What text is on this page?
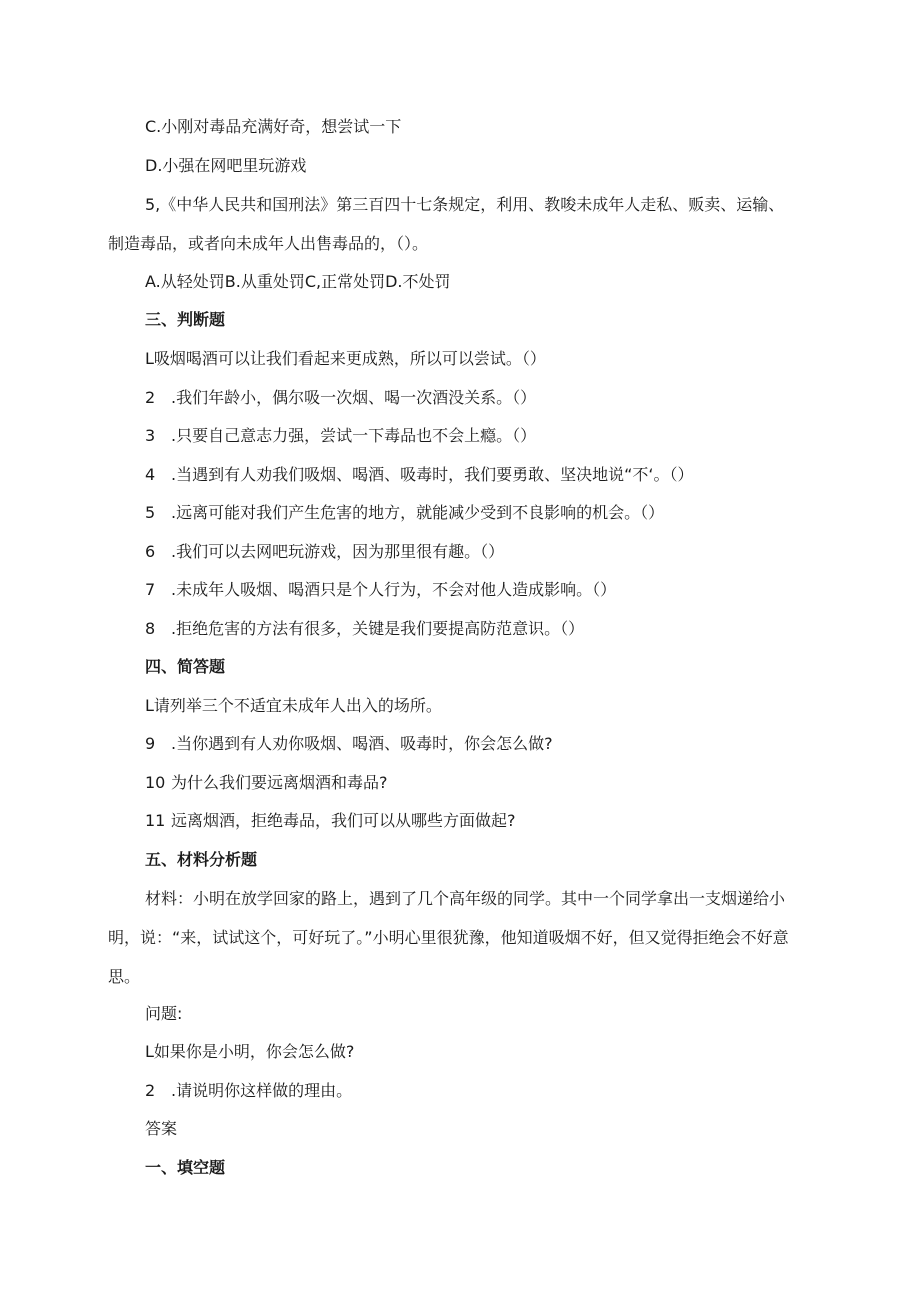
C.小刚对毒品充满好奇，想尝试一下
D.小强在网吧里玩游戏
5,《中华人民共和国刑法》第三百四十七条规定，利用、教唆未成年人走私、贩卖、运输、制造毒品，或者向未成年人出售毒品的，（）。
A.从轻处罚B.从重处罚C,正常处罚D.不处罚
三、判断题
L吸烟喝酒可以让我们看起来更成熟，所以可以尝试。（）
2 .我们年龄小，偶尔吸一次烟、喝一次酒没关系。（）
3 .只要自己意志力强，尝试一下毒品也不会上瘾。（）
4 .当遇到有人劝我们吸烟、喝酒、吸毒时，我们要勇敢、坚决地说“不‘。（）
5 .远离可能对我们产生危害的地方，就能减少受到不良影响的机会。（）
6 .我们可以去网吧玩游戏，因为那里很有趣。（）
7 .未成年人吸烟、喝酒只是个人行为，不会对他人造成影响。（）
8 .拒绝危害的方法有很多，关键是我们要提高防范意识。（）
四、简答题
L请列举三个不适宜未成年人出入的场所。
9 .当你遇到有人劝你吸烟、喝酒、吸毒时，你会怎么做?
10 为什么我们要远离烟酒和毒品?
11 远离烟酒，拒绝毒品，我们可以从哪些方面做起?
五、材料分析题
材料：小明在放学回家的路上，遇到了几个高年级的同学。其中一个同学拿出一支烟递给小明，说：“来，试试这个，可好玩了。”小明心里很犹豫，他知道吸烟不好，但又觉得拒绝会不好意思。
问题:
L如果你是小明，你会怎么做?
2 .请说明你这样做的理由。
答案
一、填空题
